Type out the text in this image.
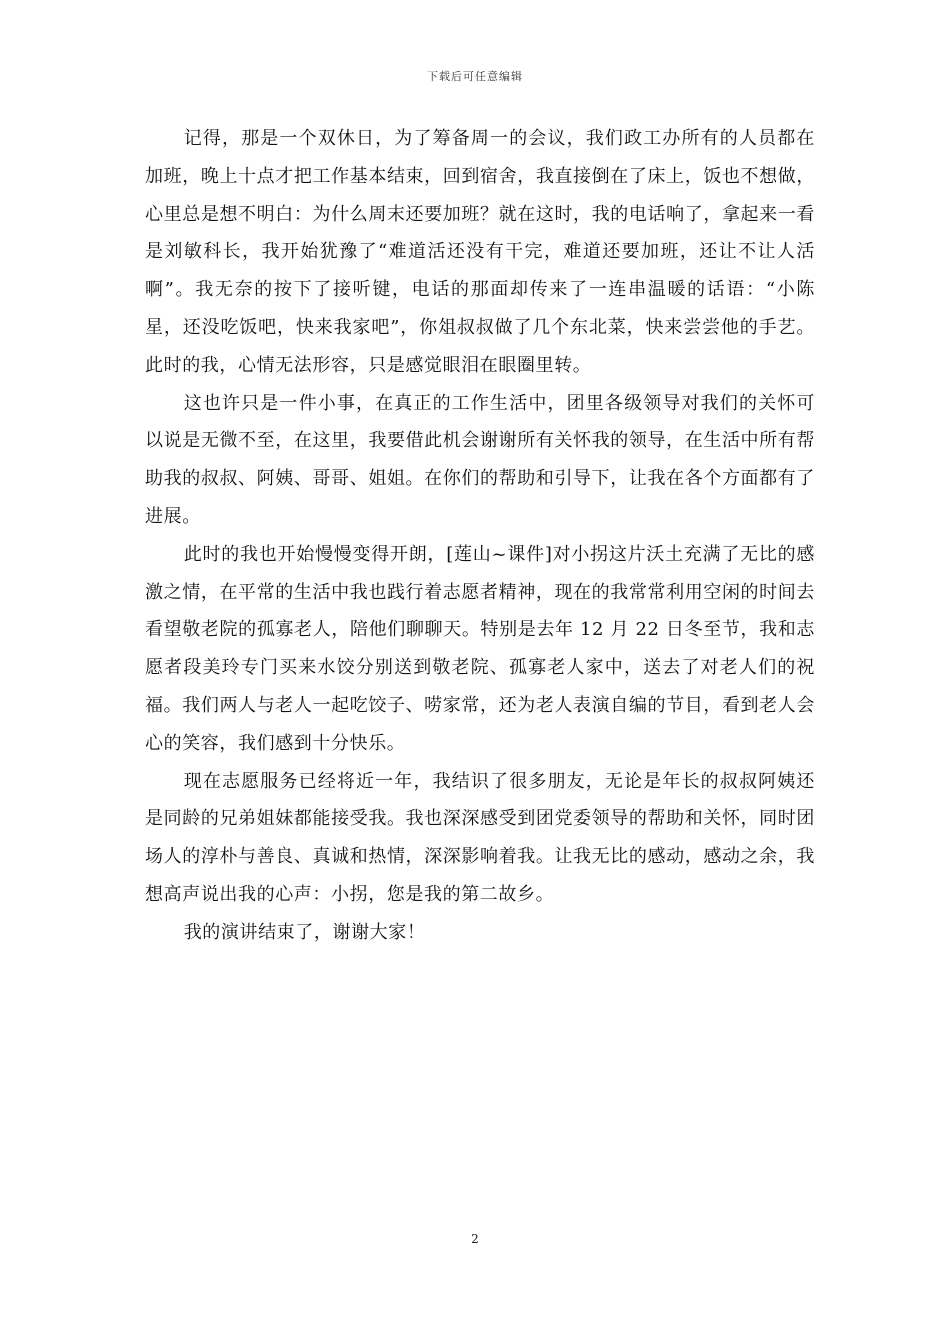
下载后可任意编辑

记得，那是一个双休日，为了筹备周一的会议，我们政工办所有的人员都在加班，晚上十点才把工作基本结束，回到宿舍，我直接倒在了床上，饭也不想做，心里总是想不明白：为什么周末还要加班？就在这时，我的电话响了，拿起来一看是刘敏科长，我开始犹豫了“难道活还没有干完，难道还要加班，还让不让人活啊”。我无奈的按下了接听键，电话的那面却传来了一连串温暖的话语：“小陈星，还没吃饭吧，快来我家吧”，你俎叔叔做了几个东北菜，快来尝尝他的手艺。此时的我，心情无法形容，只是感觉眼泪在眼圈里转。

这也许只是一件小事，在真正的工作生活中，团里各级领导对我们的关怀可以说是无微不至，在这里，我要借此机会谢谢所有关怀我的领导，在生活中所有帮助我的叔叔、阿姨、哥哥、姐姐。在你们的帮助和引导下，让我在各个方面都有了进展。

此时的我也开始慢慢变得开朗，[莲山~课件]对小拐这片沃土充满了无比的感激之情，在平常的生活中我也践行着志愿者精神，现在的我常常利用空闲的时间去看望敬老院的孤寡老人，陪他们聊聊天。特别是去年 12 月 22 日冬至节，我和志愿者段美玲专门买来水饺分别送到敬老院、孤寡老人家中，送去了对老人们的祝福。我们两人与老人一起吃饺子、唠家常，还为老人表演自编的节目，看到老人会心的笑容，我们感到十分快乐。

现在志愿服务已经将近一年，我结识了很多朋友，无论是年长的叔叔阿姨还是同龄的兄弟姐妹都能接受我。我也深深感受到团党委领导的帮助和关怀，同时团场人的淳朴与善良、真诚和热情，深深影响着我。让我无比的感动，感动之余，我想高声说出我的心声：小拐，您是我的第二故乡。

我的演讲结束了，谢谢大家！

2
